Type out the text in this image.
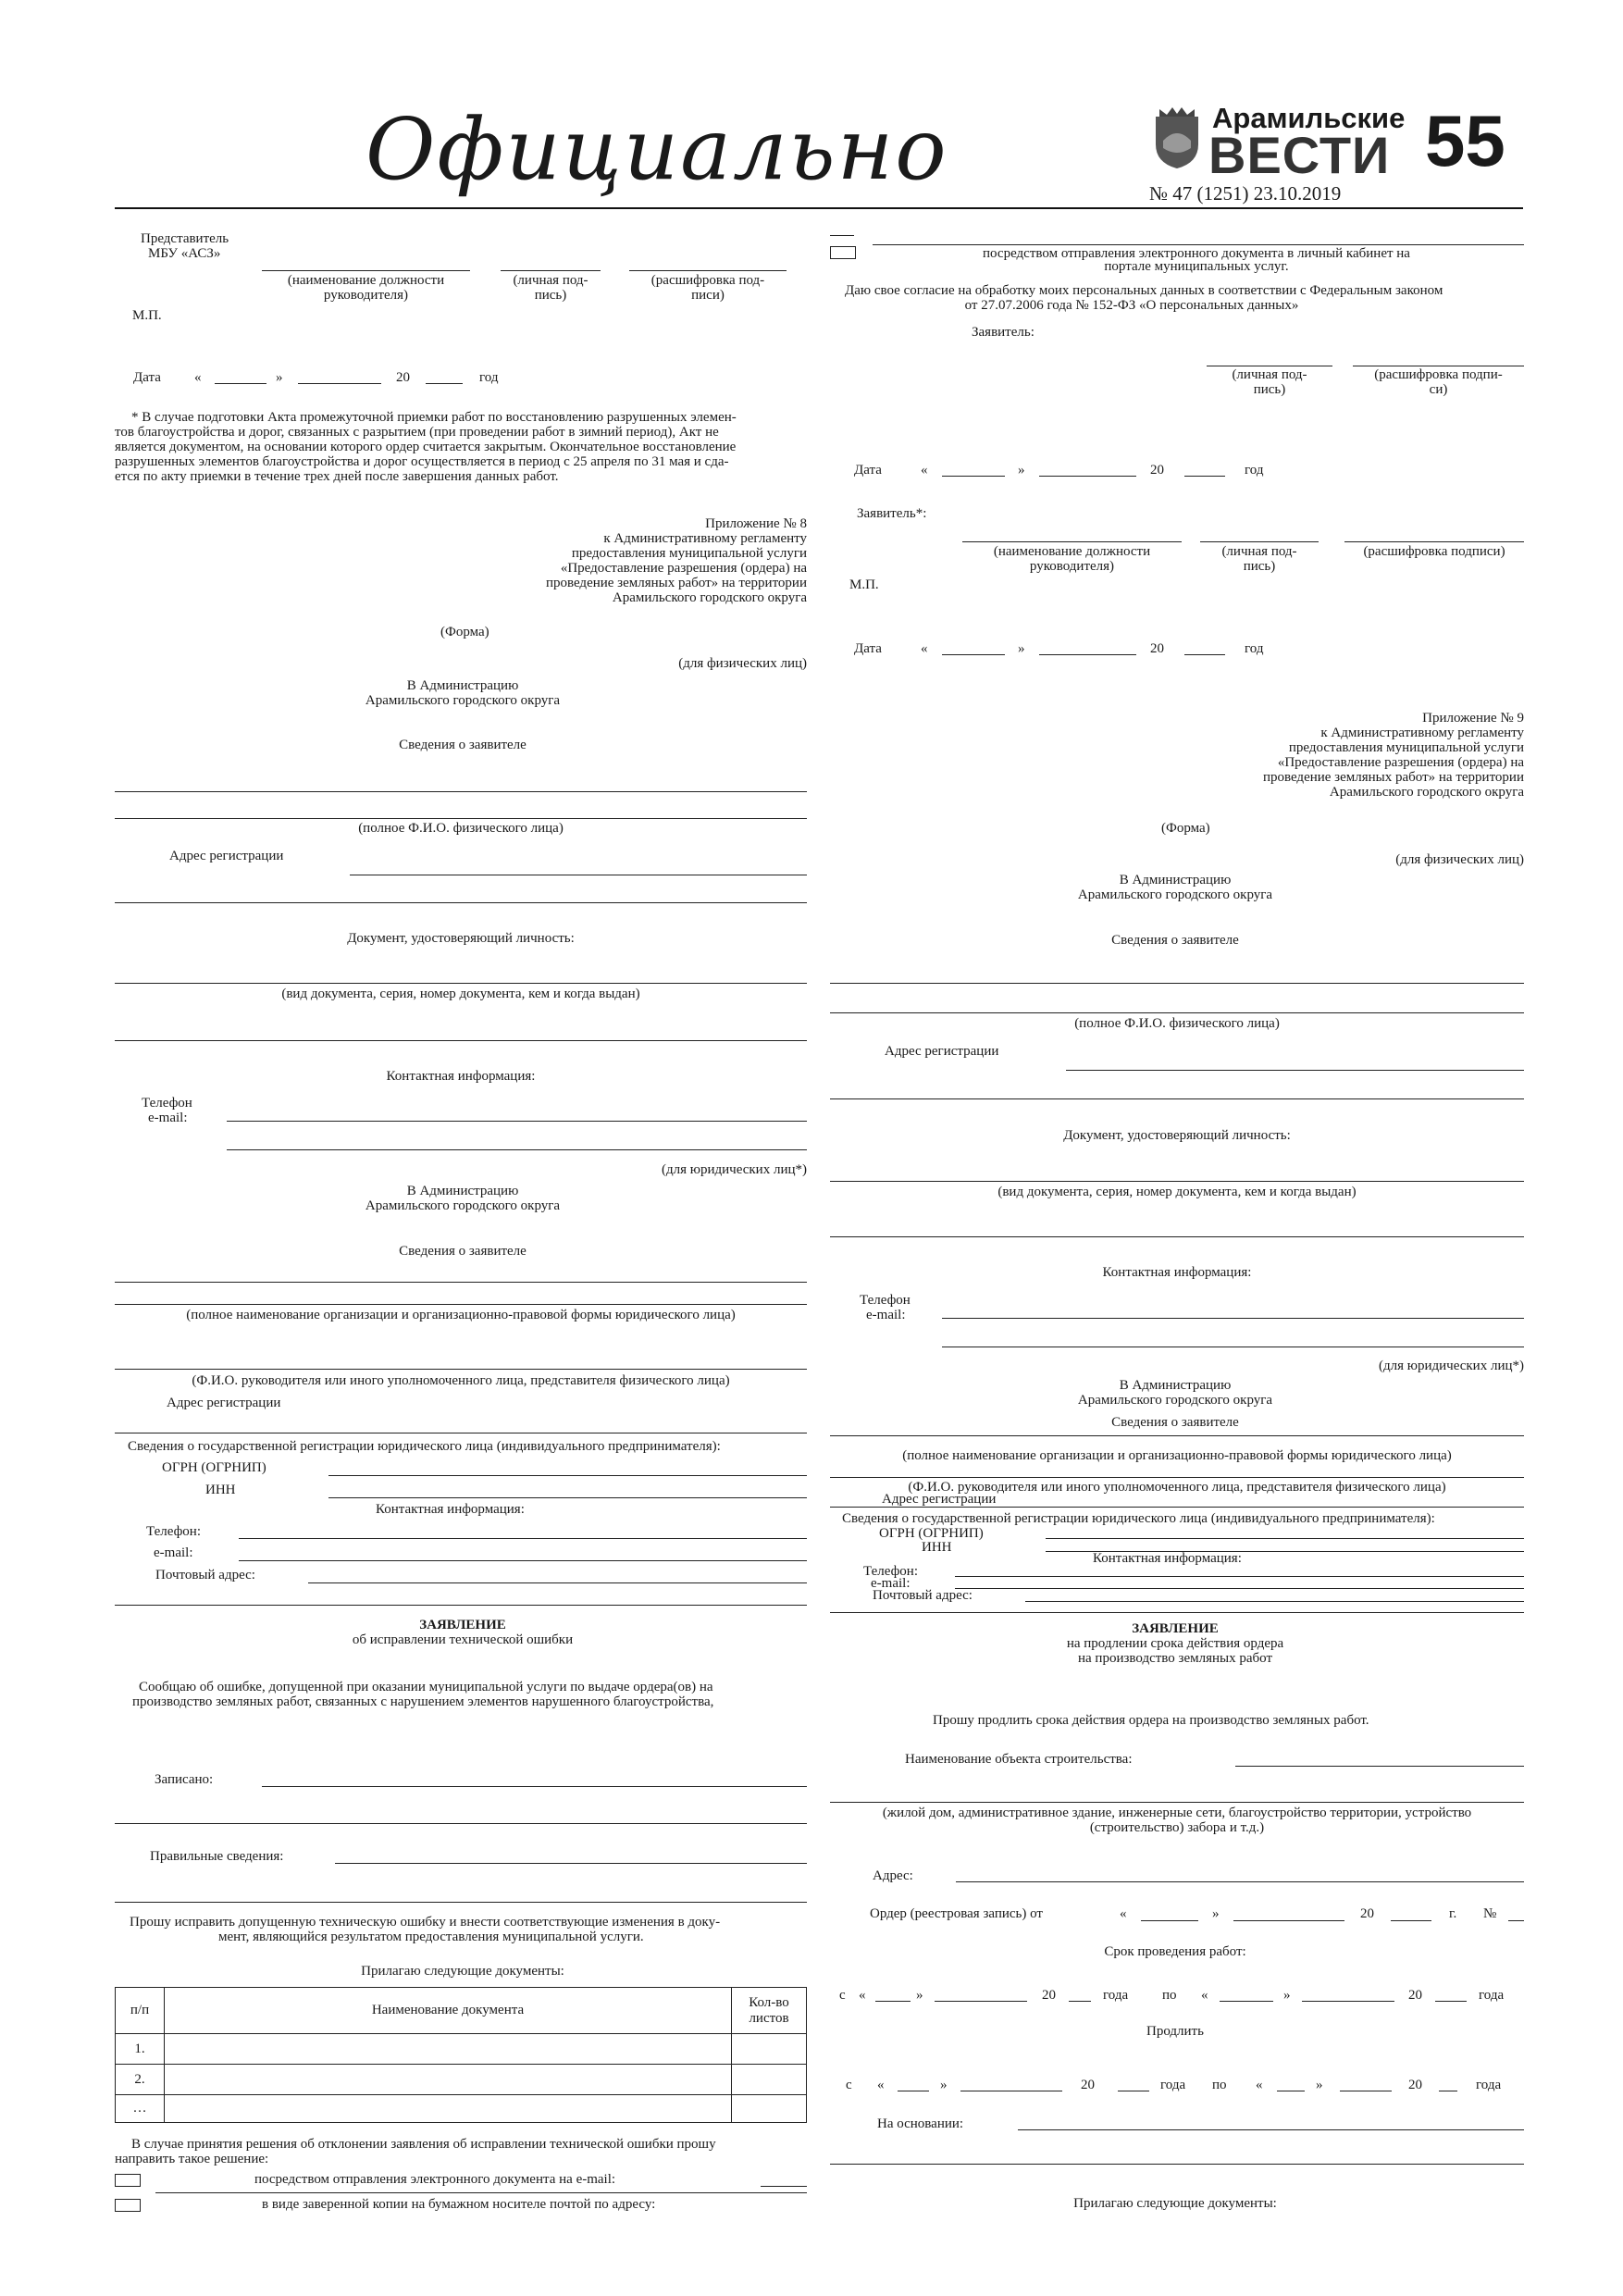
Официально	Арамильские
ВЕСТИ 55
№ 47 (1251) 23.10.2019
Представитель
МБУ «АСЗ»
(наименование должности
руководителя)
(личная под-
пись)
(расшифровка под-
писи)
М.П.
Дата «	»	20	год
* В случае подготовки Акта промежуточной приемки работ по восстановлению разрушенных элемен-
тов благоустройства и дорог, связанных с разрытием (при проведении работ в зимний период), Акт не
является документом, на основании которого ордер считается закрытым. Окончательное восстановление
разрушенных элементов благоустройства и дорог осуществляется в период с 25 апреля по 31 мая и сда-
ется по акту приемки в течение трех дней после завершения данных работ.
Приложение № 8
к Административному регламенту
предоставления муниципальной услуги
«Предоставление разрешения (ордера) на
проведение земляных работ» на территории
Арамильского городского округа
(Форма)
(для физических лиц)
В Администрацию
Арамильского городского округа
Сведения о заявителе
(полное Ф.И.О. физического лица)
Адрес регистрации
Документ, удостоверяющий личность:
(вид документа, серия, номер документа, кем и когда выдан)
Контактная информация:
Телефон
e-mail:
(для юридических лиц*)
В Администрацию
Арамильского городского округа
Сведения о заявителе
(полное наименование организации и организационно-правовой формы юридического лица)
(Ф.И.О. руководителя или иного уполномоченного лица, представителя физического лица)
Адрес регистрации
Сведения о государственной регистрации юридического лица (индивидуального предпринимателя):
ОГРН (ОГРНИП)
ИНН
Контактная информация:
Телефон:
e-mail:
Почтовый адрес:
ЗАЯВЛЕНИЕ
об исправлении технической ошибки
Сообщаю об ошибке, допущенной при оказании муниципальной услуги по выдаче ордера(ов) на
производство земляных работ, связанных с нарушением элементов нарушенного благоустройства,
Записано:
Правильные сведения:
Прошу исправить допущенную техническую ошибку и внести соответствующие изменения в доку-
мент, являющийся результатом предоставления муниципальной услуги.
Прилагаю следующие документы:
п/п	Наименование документа	Кол-во
листов
1.		
2.		
…		
В случае принятия решения об отклонении заявления об исправлении технической ошибки прошу
направить такое решение:
посредством отправления электронного документа на e-mail:
в виде заверенной копии на бумажном носителе почтой по адресу:
посредством отправления электронного документа в личный кабинет на
портале муниципальных услуг.
Даю свое согласие на обработку моих персональных данных в соответствии с Федеральным законом
от 27.07.2006 года № 152-ФЗ «О персональных данных»
Заявитель:
(личная под-
пись)
(расшифровка подпи-
си)
Дата	«	»	20	год
Заявитель*:
(наименование должности
руководителя)
(личная под-
пись)
(расшифровка подписи)
М.П.
Дата	«	»	20	год
Приложение № 9
к Административному регламенту
предоставления муниципальной услуги
«Предоставление разрешения (ордера) на
проведение земляных работ» на территории
Арамильского городского округа
(Форма)
(для физических лиц)
В Администрацию
Арамильского городского округа
Сведения о заявителе
(полное Ф.И.О. физического лица)
Адрес регистрации
Документ, удостоверяющий личность:
(вид документа, серия, номер документа, кем и когда выдан)
Контактная информация:
Телефон
e-mail:
(для юридических лиц*)
В Администрацию
Арамильского городского округа
Сведения о заявителе
(полное наименование организации и организационно-правовой формы юридического лица)
(Ф.И.О. руководителя или иного уполномоченного лица, представителя физического лица)
Адрес регистрации
Сведения о государственной регистрации юридического лица (индивидуального предпринимателя):
ОГРН (ОГРНИП)
ИНН
Контактная информация:
Телефон:
e-mail:
Почтовый адрес:
ЗАЯВЛЕНИЕ
на продлении срока действия ордера
на производство земляных работ
Прошу продлить срока действия ордера на производство земляных работ.
Наименование объекта строительства:
(жилой дом, административное здание, инженерные сети, благоустройство территории, устройство
(строительство) забора и т.д.)
Адрес:
Ордер (реестровая запись) от	«	»	20	г. №
Срок проведения работ:
с «	»	20	года по «	»	20	года
Продлить
с «	»	20	года по «	»	20	года
На основании:
Прилагаю следующие документы:
